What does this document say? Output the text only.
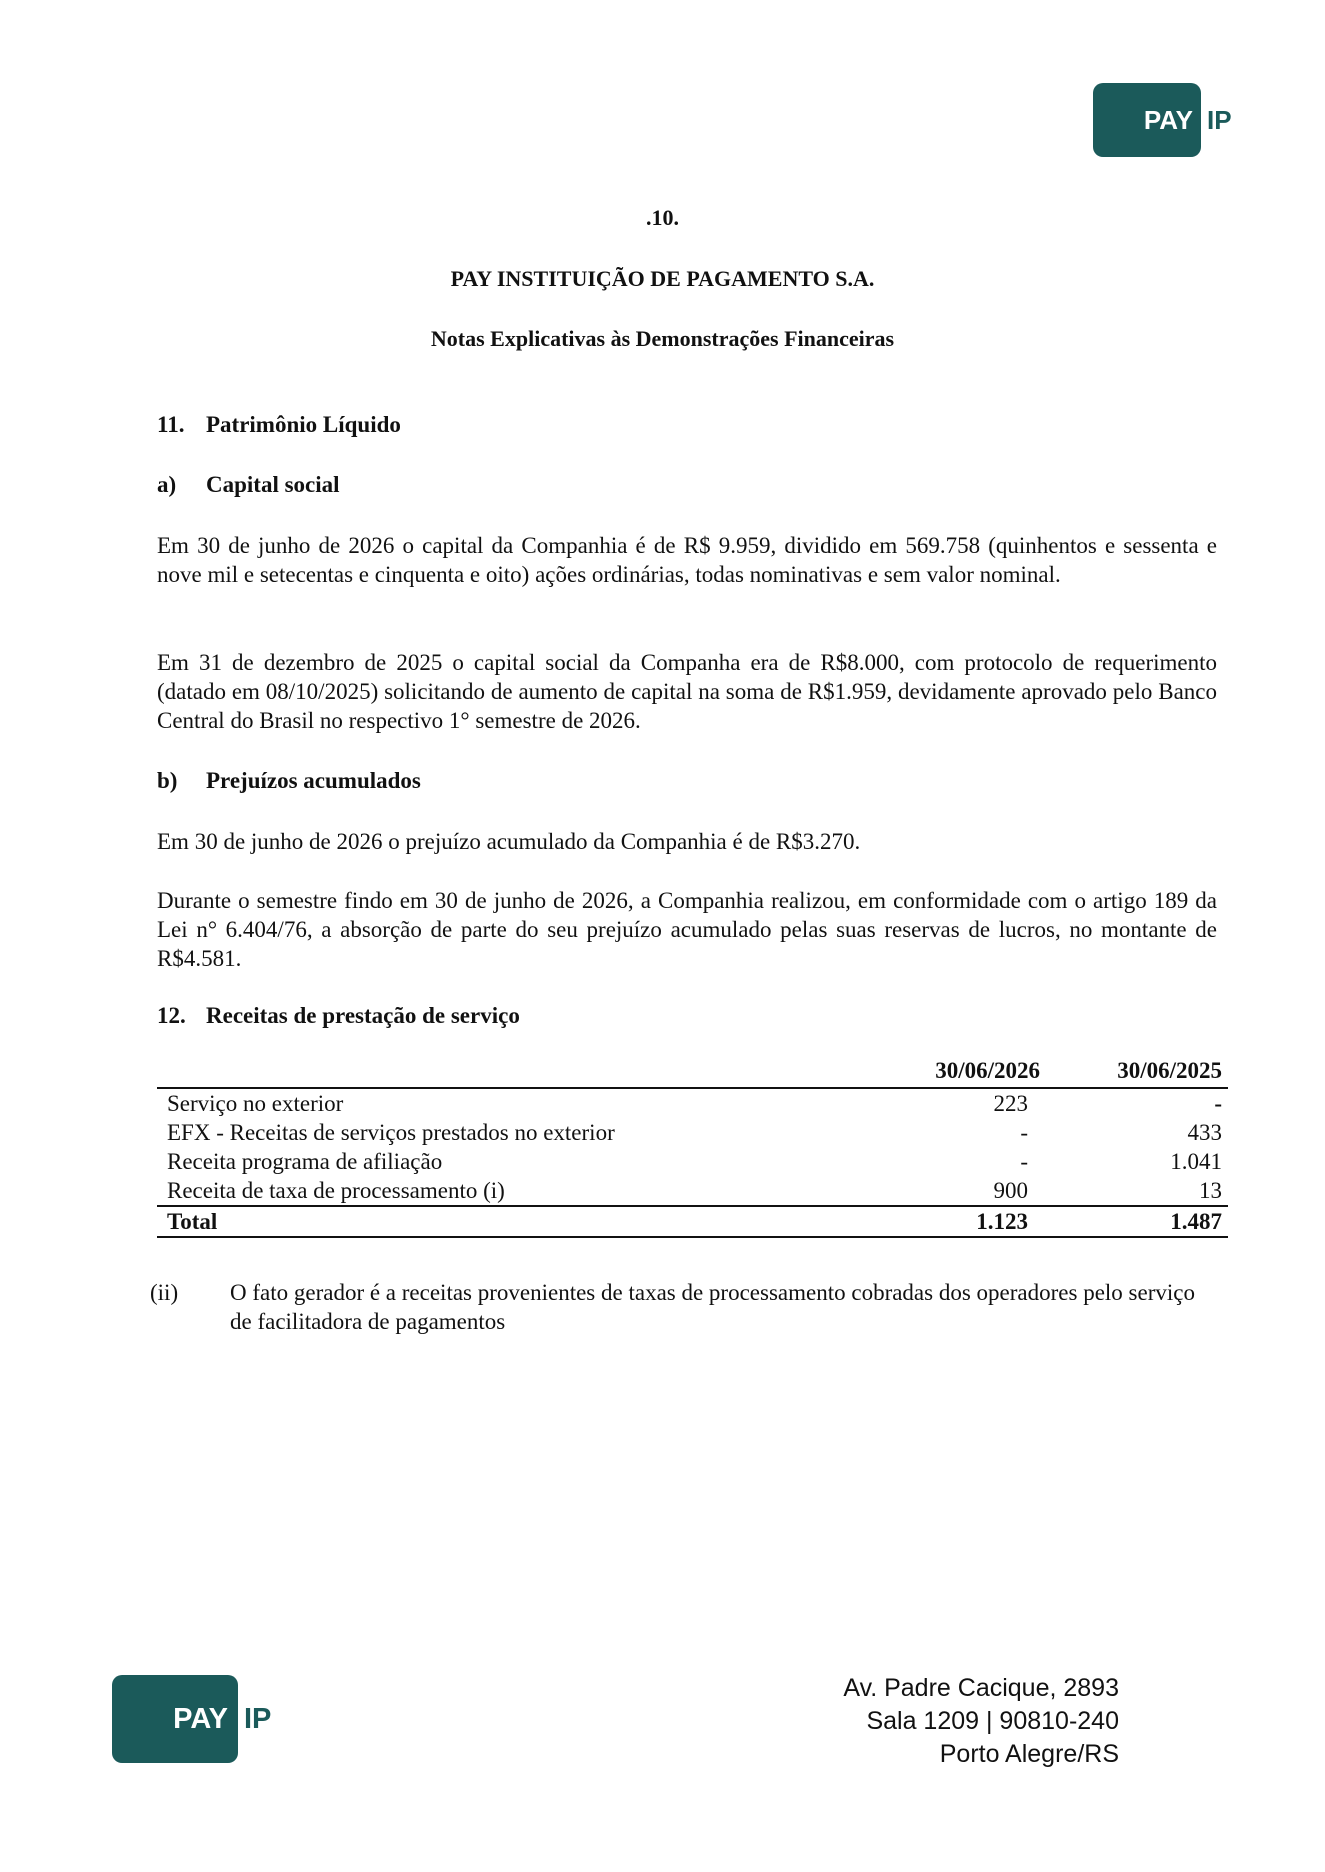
PAY IP
.10.
PAY INSTITUIÇÃO DE PAGAMENTO S.A.
Notas Explicativas às Demonstrações Financeiras
11. Patrimônio Líquido
a) Capital social
Em 30 de junho de 2026 o capital da Companhia é de R$ 9.959, dividido em 569.758 (quinhentos e sessenta e nove mil e setecentas e cinquenta e oito) ações ordinárias, todas nominativas e sem valor nominal.
Em 31 de dezembro de 2025 o capital social da Companha era de R$8.000, com protocolo de requerimento (datado em 08/10/2025) solicitando de aumento de capital na soma de R$1.959, devidamente aprovado pelo Banco Central do Brasil no respectivo 1° semestre de 2026.
b) Prejuízos acumulados
Em 30 de junho de 2026 o prejuízo acumulado da Companhia é de R$3.270.
Durante o semestre findo em 30 de junho de 2026, a Companhia realizou, em conformidade com o artigo 189 da Lei n° 6.404/76, a absorção de parte do seu prejuízo acumulado pelas suas reservas de lucros, no montante de R$4.581.
12. Receitas de prestação de serviço
	30/06/2026	30/06/2025
Serviço no exterior	223	-
EFX - Receitas de serviços prestados no exterior	-	433
Receita programa de afiliação	-	1.041
Receita de taxa de processamento (i)	900	13
Total	1.123	1.487
(ii)	O fato gerador é a receitas provenientes de taxas de processamento cobradas dos operadores pelo serviço de facilitadora de pagamentos
PAY IP
Av. Padre Cacique, 2893
Sala 1209 | 90810-240
Porto Alegre/RS
